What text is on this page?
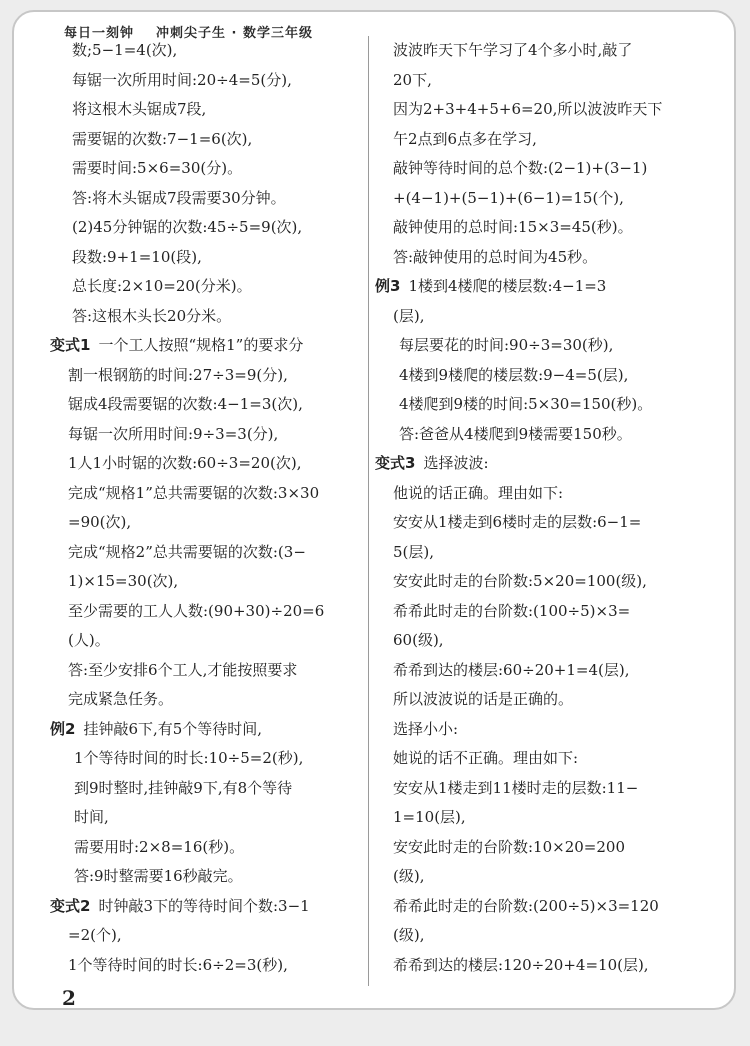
每日一刻钟 冲刺尖子生 · 数学三年级
数;5−1=4(次),
每锯一次所用时间:20÷4=5(分),
将这根木头锯成7段,
需要锯的次数:7−1=6(次),
需要时间:5×6=30(分)。
答:将木头锯成7段需要30分钟。
(2)45分钟锯的次数:45÷5=9(次),
段数:9+1=10(段),
总长度:2×10=20(分米)。
答:这根木头长20分米。
变式1 一个工人按照“规格1”的要求分
割一根钢筋的时间:27÷3=9(分),
锯成4段需要锯的次数:4−1=3(次),
每锯一次所用时间:9÷3=3(分),
1人1小时锯的次数:60÷3=20(次),
完成“规格1”总共需要锯的次数:3×30
=90(次),
完成“规格2”总共需要锯的次数:(3−
1)×15=30(次),
至少需要的工人人数:(90+30)÷20=6
(人)。
答:至少安排6个工人,才能按照要求
完成紧急任务。
例2 挂钟敲6下,有5个等待时间,
1个等待时间的时长:10÷5=2(秒),
到9时整时,挂钟敲9下,有8个等待
时间,
需要用时:2×8=16(秒)。
答:9时整需要16秒敲完。
变式2 时钟敲3下的等待时间个数:3−1
=2(个),
1个等待时间的时长:6÷2=3(秒),
波波昨天下午学习了4个多小时,敲了
20下,
因为2+3+4+5+6=20,所以波波昨天下
午2点到6点多在学习,
敲钟等待时间的总个数:(2−1)+(3−1)
+(4−1)+(5−1)+(6−1)=15(个),
敲钟使用的总时间:15×3=45(秒)。
答:敲钟使用的总时间为45秒。
例3 1楼到4楼爬的楼层数:4−1=3
(层),
每层要花的时间:90÷3=30(秒),
4楼到9楼爬的楼层数:9−4=5(层),
4楼爬到9楼的时间:5×30=150(秒)。
答:爸爸从4楼爬到9楼需要150秒。
变式3 选择波波:
他说的话正确。理由如下:
安安从1楼走到6楼时走的层数:6−1=
5(层),
安安此时走的台阶数:5×20=100(级),
希希此时走的台阶数:(100÷5)×3=
60(级),
希希到达的楼层:60÷20+1=4(层),
所以波波说的话是正确的。
选择小小:
她说的话不正确。理由如下:
安安从1楼走到11楼时走的层数:11−
1=10(层),
安安此时走的台阶数:10×20=200
(级),
希希此时走的台阶数:(200÷5)×3=120
(级),
希希到达的楼层:120÷20+4=10(层),
2
